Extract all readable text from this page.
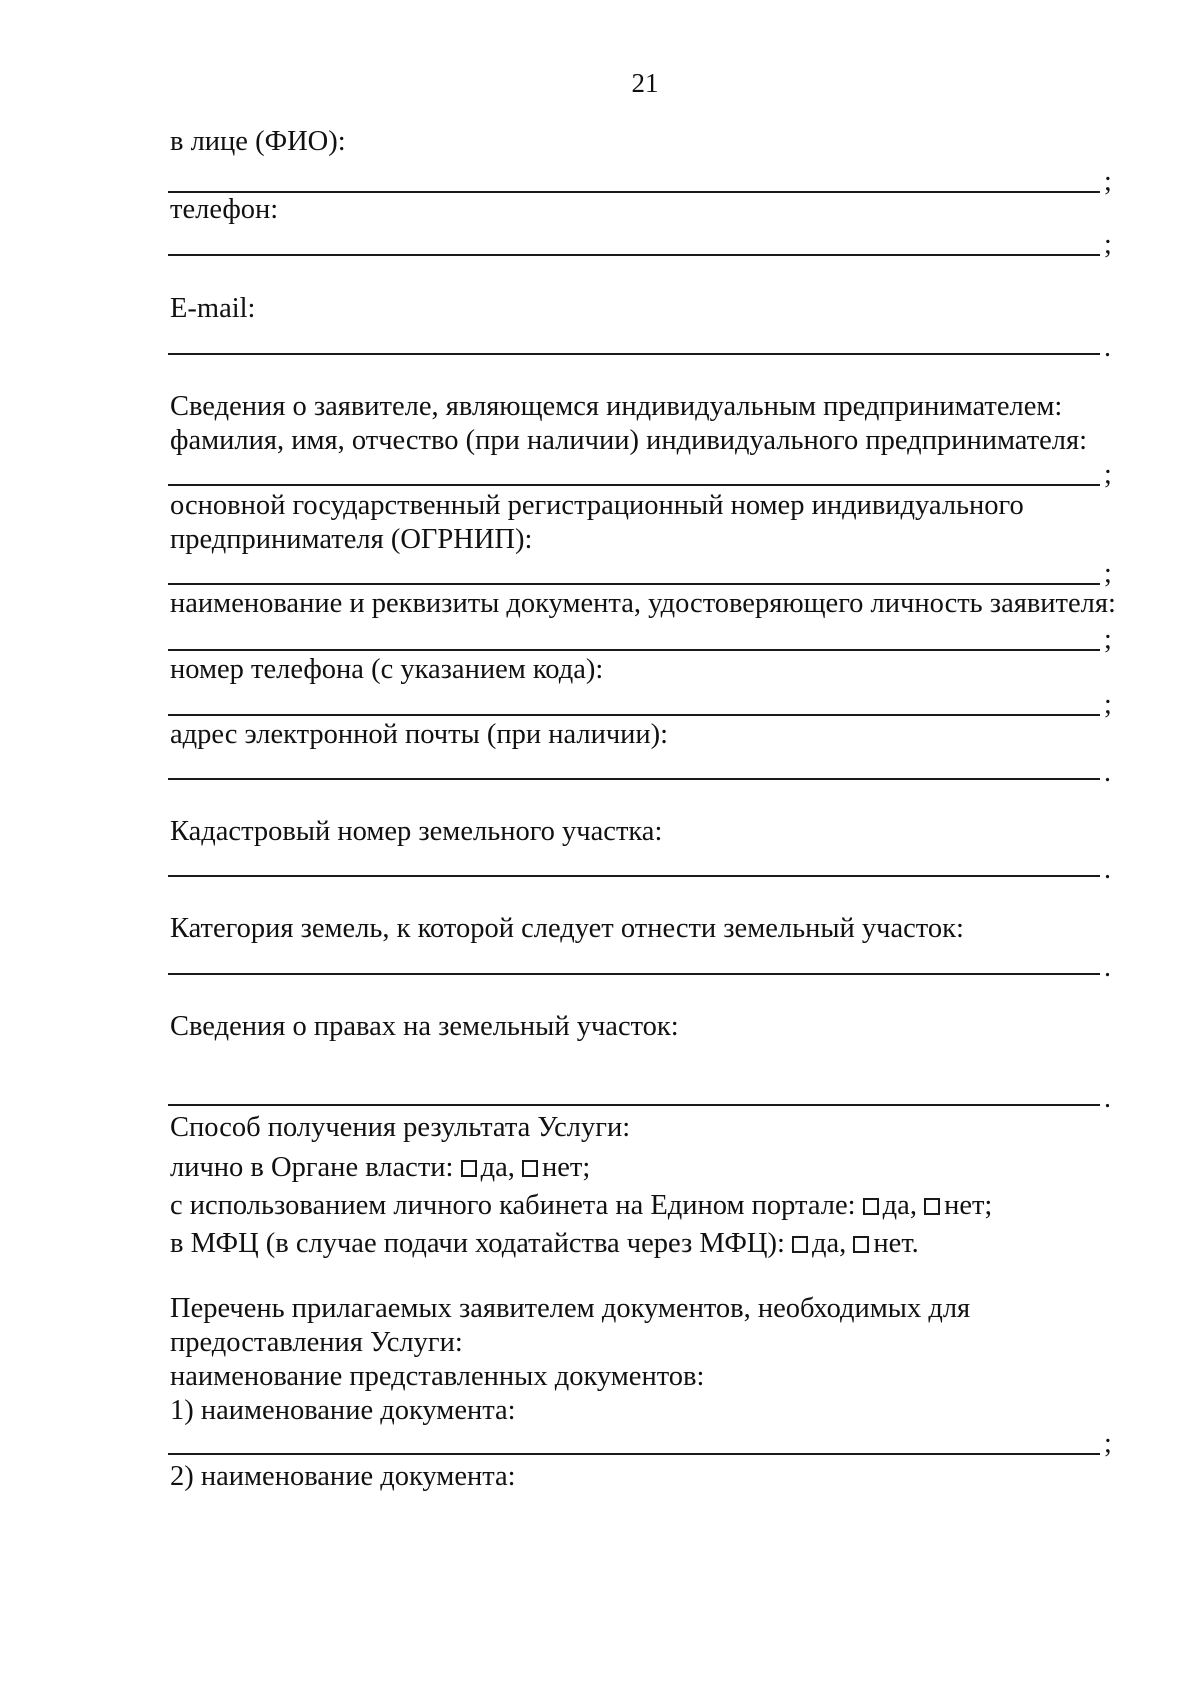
21
в лице (ФИО):
;
телефон:
;
E-mail:
.
Сведения о заявителе, являющемся индивидуальным предпринимателем:
фамилия, имя, отчество (при наличии) индивидуального предпринимателя:
;
основной государственный регистрационный номер индивидуального
предпринимателя (ОГРНИП):
;
наименование и реквизиты документа, удостоверяющего личность заявителя:
;
номер телефона (с указанием кода):
;
адрес электронной почты (при наличии):
.
Кадастровый номер земельного участка:
.
Категория земель, к которой следует отнести земельный участок:
.
Сведения о правах на земельный участок:
.
Способ получения результата Услуги:
лично в Органе власти: да, нет;
с использованием личного кабинета на Едином портале: да, нет;
в МФЦ (в случае подачи ходатайства через МФЦ): да, нет.
Перечень прилагаемых заявителем документов, необходимых для
предоставления Услуги:
наименование представленных документов:
1) наименование документа:
;
2) наименование документа:
